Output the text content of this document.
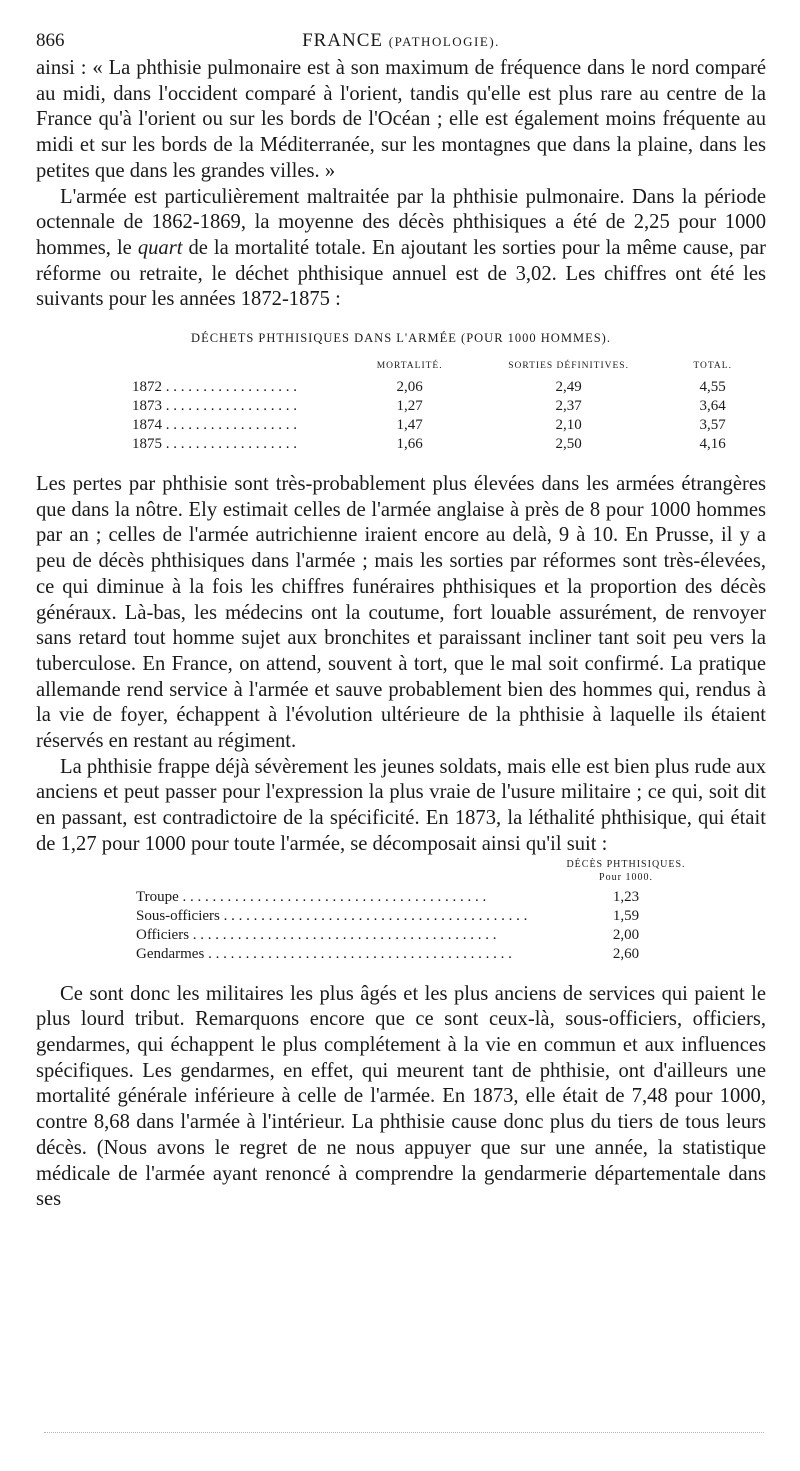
866	FRANCE (PATHOLOGIE).

ainsi : « La phthisie pulmonaire est à son maximum de fréquence dans le nord comparé au midi, dans l'occident comparé à l'orient, tandis qu'elle est plus rare au centre de la France qu'à l'orient ou sur les bords de l'Océan ; elle est également moins fréquente au midi et sur les bords de la Méditerranée, sur les montagnes que dans la plaine, dans les petites que dans les grandes villes. »

L'armée est particulièrement maltraitée par la phthisie pulmonaire. Dans la période octennale de 1862-1869, la moyenne des décès phthisiques a été de 2,25 pour 1000 hommes, le quart de la mortalité totale. En ajoutant les sorties pour la même cause, par réforme ou retraite, le déchet phthisique annuel est de 3,02. Les chiffres ont été les suivants pour les années 1872-1875 :

DÉCHETS PHTHISIQUES DANS L'ARMÉE (POUR 1000 HOMMES).
	MORTALITÉ.	SORTIES DÉFINITIVES.	TOTAL.
1872 . . . . . . . . . . . . . . . . . .	2,06	2,49	4,55
1873 . . . . . . . . . . . . . . . . . .	1,27	2,37	3,64
1874 . . . . . . . . . . . . . . . . . .	1,47	2,10	3,57
1875 . . . . . . . . . . . . . . . . . .	1,66	2,50	4,16

Les pertes par phthisie sont très-probablement plus élevées dans les armées étrangères que dans la nôtre. Ely estimait celles de l'armée anglaise à près de 8 pour 1000 hommes par an ; celles de l'armée autrichienne iraient encore au delà, 9 à 10. En Prusse, il y a peu de décès phthisiques dans l'armée ; mais les sorties par réformes sont très-élevées, ce qui diminue à la fois les chiffres funéraires phthisiques et la proportion des décès généraux. Là-bas, les médecins ont la coutume, fort louable assurément, de renvoyer sans retard tout homme sujet aux bronchites et paraissant incliner tant soit peu vers la tuberculose. En France, on attend, souvent à tort, que le mal soit confirmé. La pratique allemande rend service à l'armée et sauve probablement bien des hommes qui, rendus à la vie de foyer, échappent à l'évolution ultérieure de la phthisie à laquelle ils étaient réservés en restant au régiment.

La phthisie frappe déjà sévèrement les jeunes soldats, mais elle est bien plus rude aux anciens et peut passer pour l'expression la plus vraie de l'usure militaire ; ce qui, soit dit en passant, est contradictoire de la spécificité. En 1873, la léthalité phthisique, qui était de 1,27 pour 1000 pour toute l'armée, se décomposait ainsi qu'il suit :

	DÉCÈS PHTHISIQUES.
Pour 1000.

Troupe . . . . . . . . . . . . . . . . . . . . . . . . . . . . . . . . . . . . . . . . .	1,23
Sous-officiers . . . . . . . . . . . . . . . . . . . . . . . . . . . . . . . . . . . . . . . . .	1,59
Officiers . . . . . . . . . . . . . . . . . . . . . . . . . . . . . . . . . . . . . . . . .	2,00
Gendarmes . . . . . . . . . . . . . . . . . . . . . . . . . . . . . . . . . . . . . . . . .	2,60

Ce sont donc les militaires les plus âgés et les plus anciens de services qui paient le plus lourd tribut. Remarquons encore que ce sont ceux-là, sous-officiers, officiers, gendarmes, qui échappent le plus complétement à la vie en commun et aux influences spécifiques. Les gendarmes, en effet, qui meurent tant de phthisie, ont d'ailleurs une mortalité générale inférieure à celle de l'armée. En 1873, elle était de 7,48 pour 1000, contre 8,68 dans l'armée à l'intérieur. La phthisie cause donc plus du tiers de tous leurs décès. (Nous avons le regret de ne nous appuyer que sur une année, la statistique médicale de l'armée ayant renoncé à comprendre la gendarmerie départementale dans ses
